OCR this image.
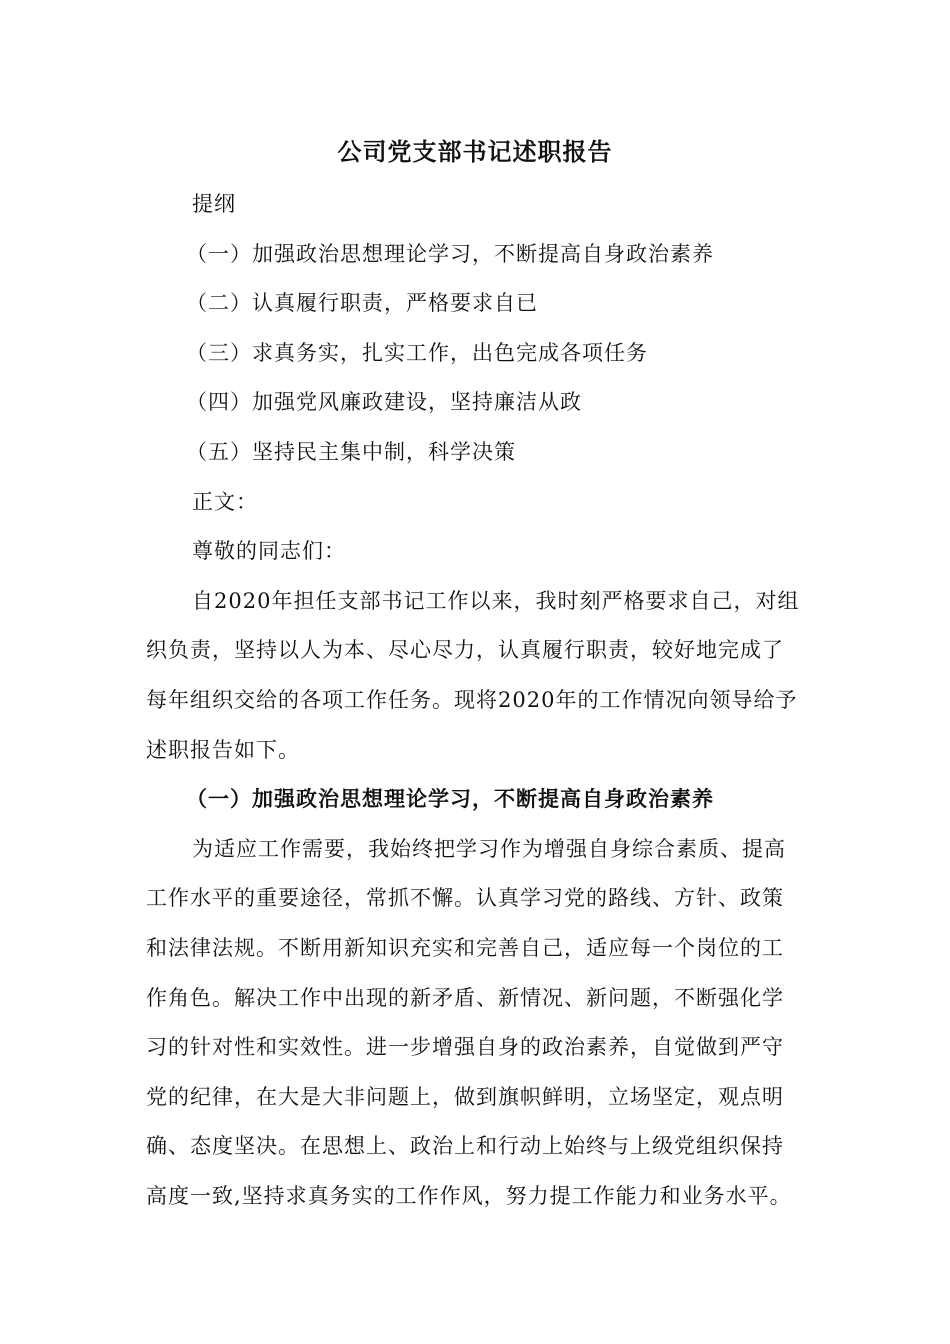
公司党支部书记述职报告

提纲

（一）加强政治思想理论学习，不断提高自身政治素养

（二）认真履行职责，严格要求自已

（三）求真务实，扎实工作，出色完成各项任务

（四）加强党风廉政建设，坚持廉洁从政

（五）坚持民主集中制，科学决策

正文：

尊敬的同志们：

自2020年担任支部书记工作以来，我时刻严格要求自己，对组

织负责，坚持以人为本、尽心尽力，认真履行职责，较好地完成了

每年组织交给的各项工作任务。现将2020年的工作情况向领导给予

述职报告如下。

（一）加强政治思想理论学习，不断提高自身政治素养

为适应工作需要，我始终把学习作为增强自身综合素质、提高

工作水平的重要途径，常抓不懈。认真学习党的路线、方针、政策

和法律法规。不断用新知识充实和完善自己，适应每一个岗位的工

作角色。解决工作中出现的新矛盾、新情况、新问题，不断强化学

习的针对性和实效性。进一步增强自身的政治素养，自觉做到严守

党的纪律，在大是大非问题上，做到旗帜鲜明，立场坚定，观点明

确、态度坚决。在思想上、政治上和行动上始终与上级党组织保持

高度一致,坚持求真务实的工作作风，努力提工作能力和业务水平。
